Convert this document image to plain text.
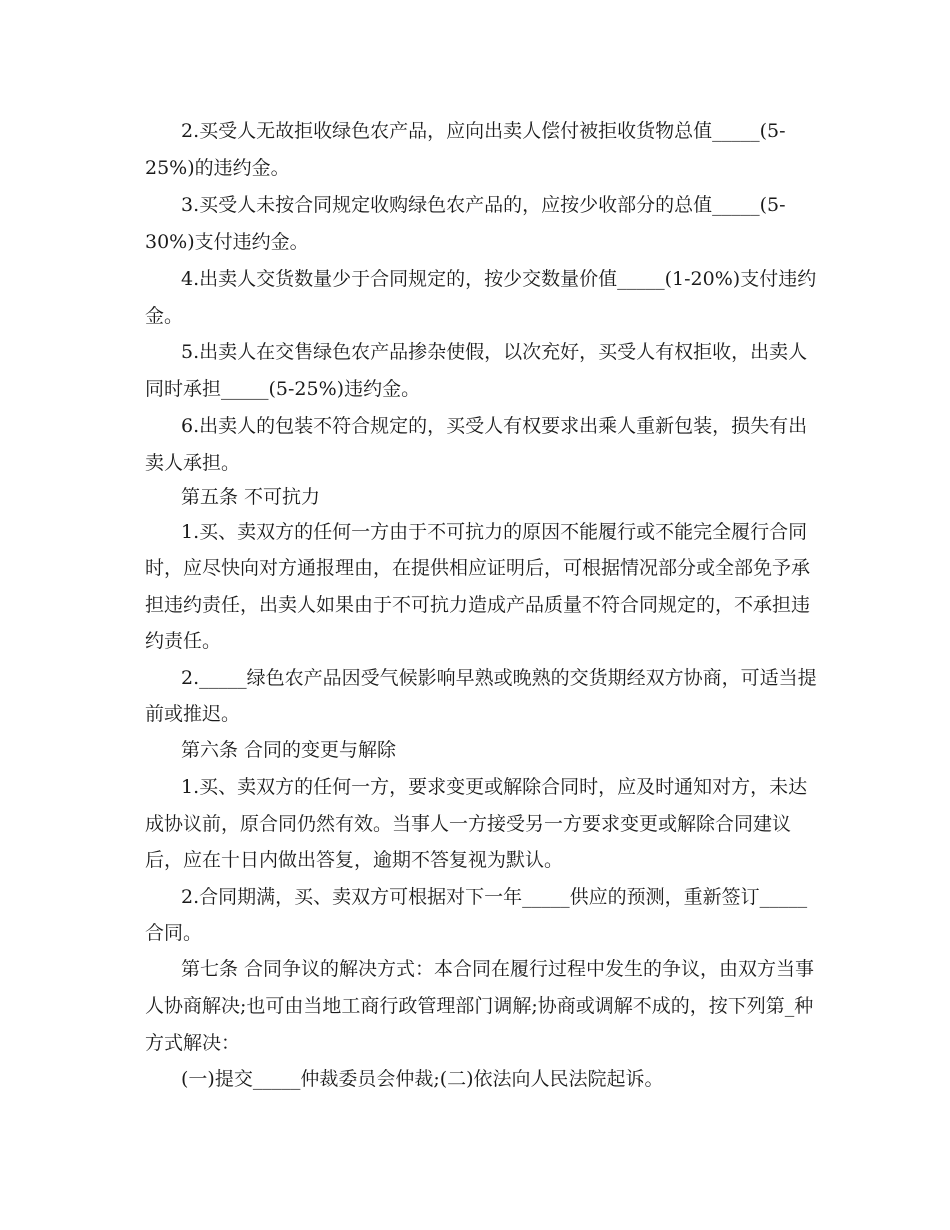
2.买受人无故拒收绿色农产品，应向出卖人偿付被拒收货物总值_____(5-
25%)的违约金。
3.买受人未按合同规定收购绿色农产品的，应按少收部分的总值_____(5-
30%)支付违约金。
4.出卖人交货数量少于合同规定的，按少交数量价值_____(1-20%)支付违约
金。
5.出卖人在交售绿色农产品掺杂使假，以次充好，买受人有权拒收，出卖人
同时承担_____(5-25%)违约金。
6.出卖人的包装不符合规定的，买受人有权要求出乘人重新包装，损失有出
卖人承担。
第五条 不可抗力
1.买、卖双方的任何一方由于不可抗力的原因不能履行或不能完全履行合同
时，应尽快向对方通报理由，在提供相应证明后，可根据情况部分或全部免予承
担违约责任，出卖人如果由于不可抗力造成产品质量不符合同规定的，不承担违
约责任。
2._____绿色农产品因受气候影响早熟或晚熟的交货期经双方协商，可适当提
前或推迟。
第六条 合同的变更与解除
1.买、卖双方的任何一方，要求变更或解除合同时，应及时通知对方，未达
成协议前，原合同仍然有效。当事人一方接受另一方要求变更或解除合同建议
后，应在十日内做出答复，逾期不答复视为默认。
2.合同期满，买、卖双方可根据对下一年_____供应的预测，重新签订_____
合同。
第七条 合同争议的解决方式：本合同在履行过程中发生的争议，由双方当事
人协商解决;也可由当地工商行政管理部门调解;协商或调解不成的，按下列第_种
方式解决：
(一)提交_____仲裁委员会仲裁;(二)依法向人民法院起诉。
